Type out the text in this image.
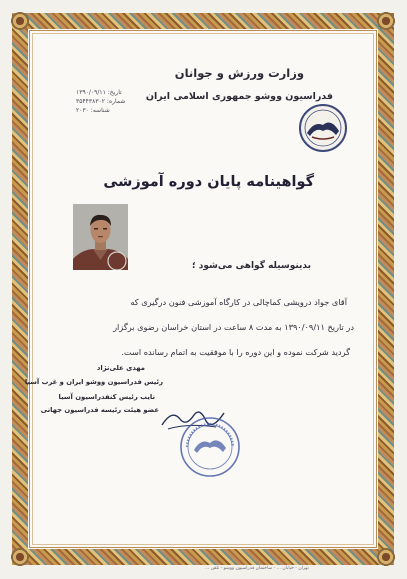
وزارت ورزش و جوانان
فدراسیون ووشو جمهوری اسلامی ایران
تاریخ: ۱۳۹۰/۰۹/۱۱
شماره: ۳۵۴۴۳۸۳۰۲
شناسه: ۲۰۳۰
گواهینامه پایان دوره آموزشی
بدینوسیله گواهی می‌شود ؛
آقای جواد درویشی کماچالی در کارگاه آموزشی فنون درگیری که
در تاریخ ۱۳۹۰/۰۹/۱۱ به مدت ۸ ساعت در استان خراسان رضوی برگزار
گردید شرکت نموده و این دوره را با موفقیت به اتمام رسانده است.
مهدی علی‌نژاد
رئیس فدراسیون ووشو ایران و غرب آسیا
نایب رئیس کنفدراسیون آسیا
عضو هیئت رئیسه فدراسیون جهانی
تهران - خیابان ... - ساختمان فدراسیون ووشو - تلفن ...
